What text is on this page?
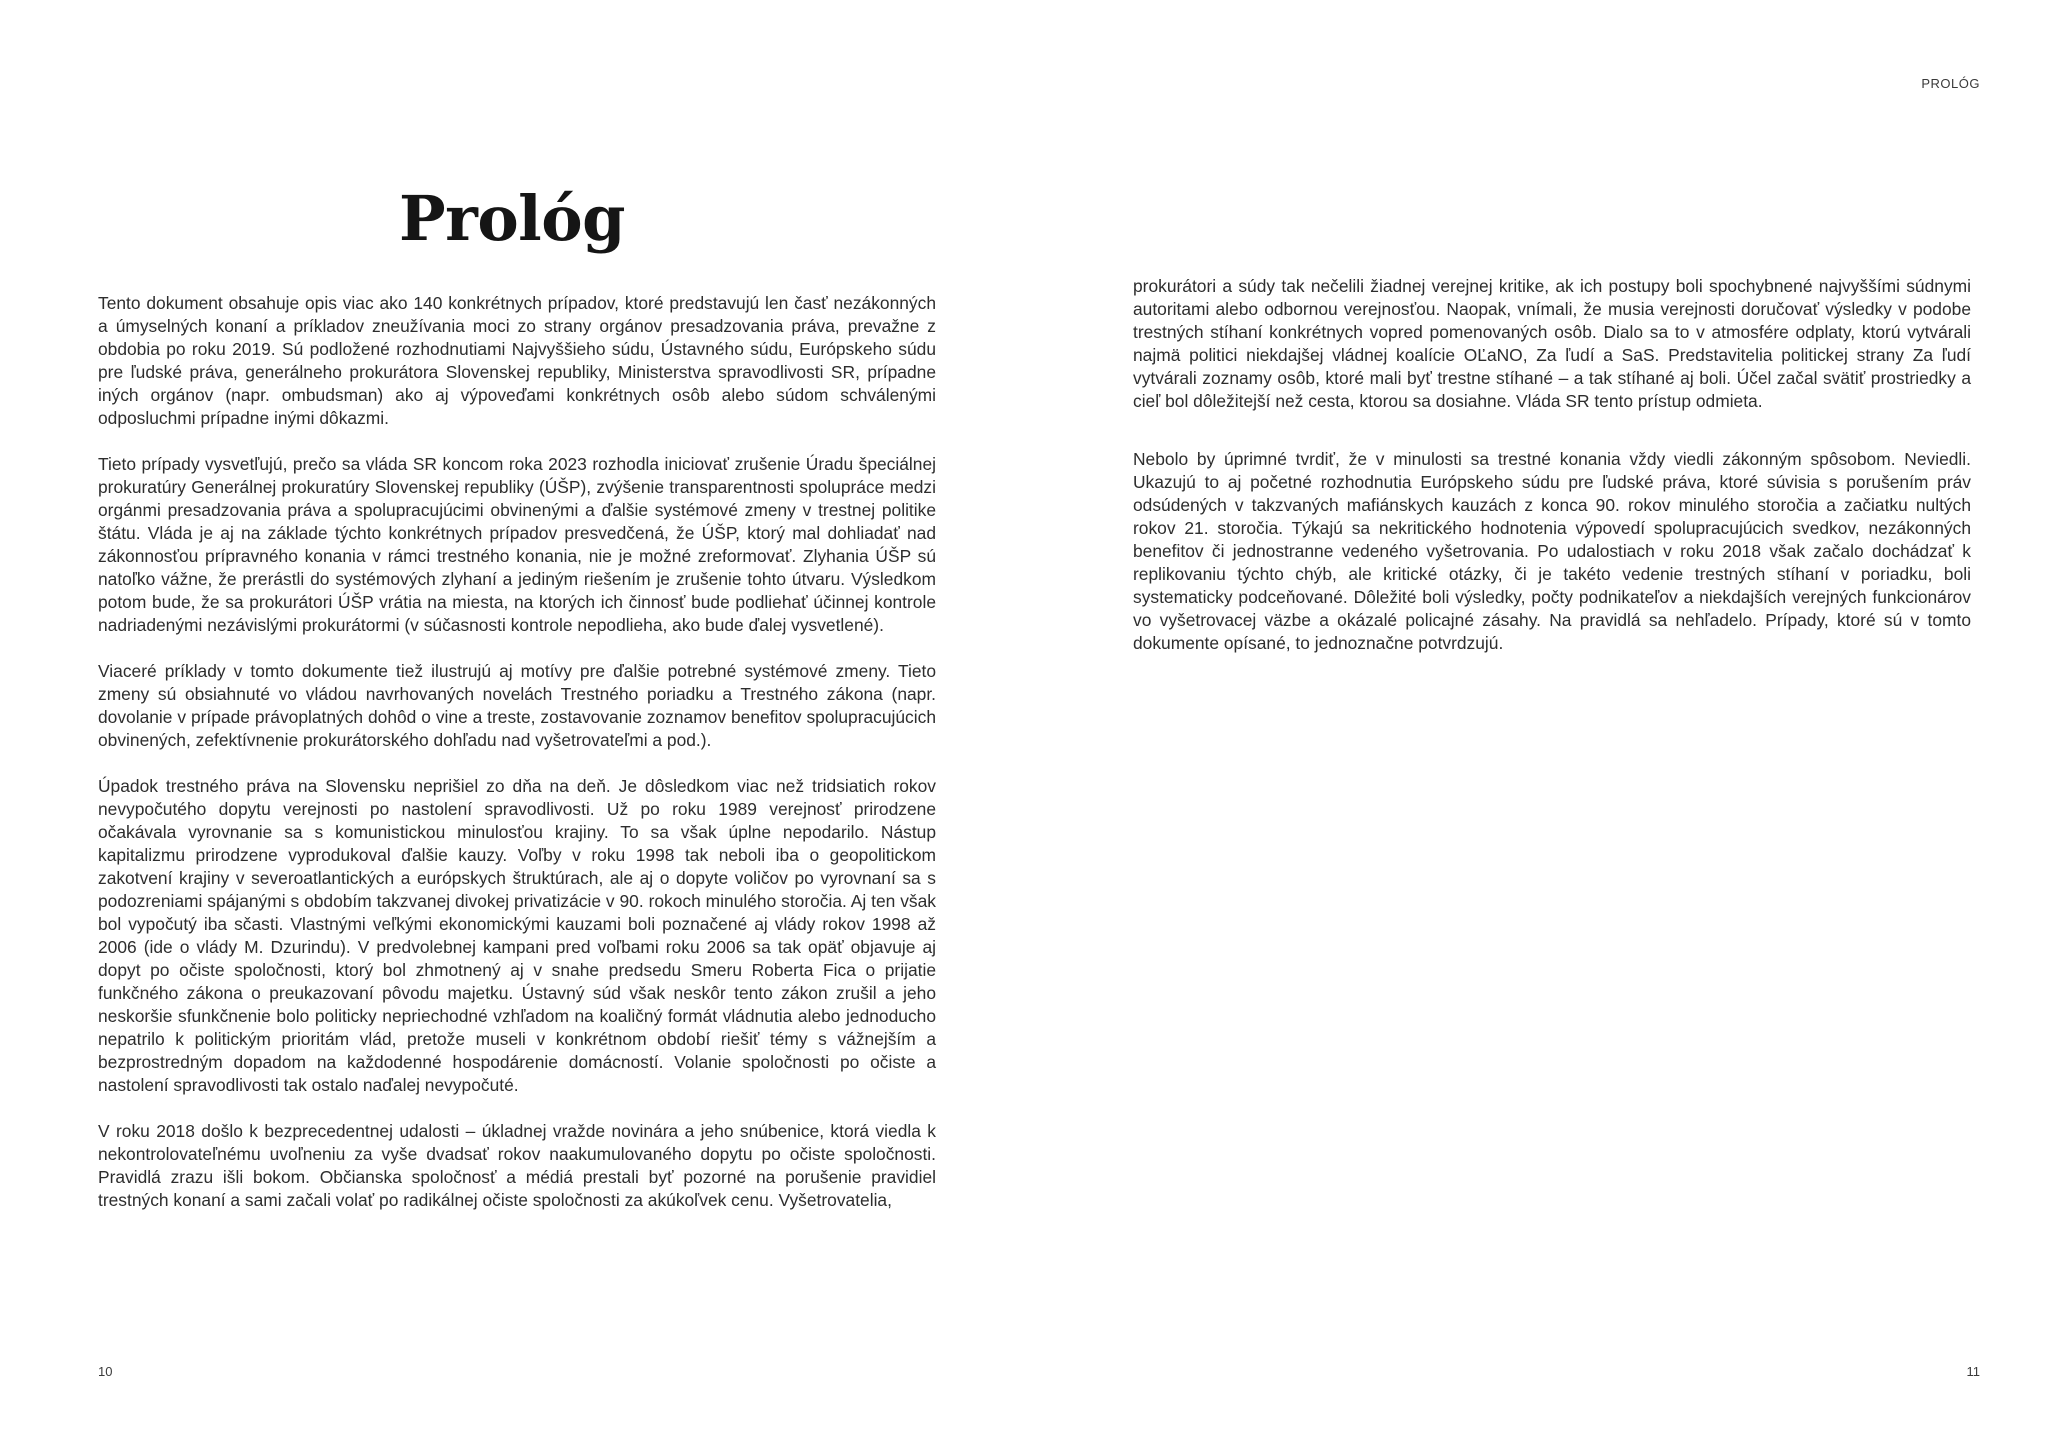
Prológ

Tento dokument obsahuje opis viac ako 140 konkrétnych prípadov, ktoré predstavujú len časť nezákonných a úmyselných konaní a príkladov zneužívania moci zo strany orgánov presadzovania práva, prevažne z obdobia po roku 2019. Sú podložené rozhodnutiami Najvyššieho súdu, Ústavného súdu, Európskeho súdu pre ľudské práva, generálneho prokurátora Slovenskej republiky, Ministerstva spravodlivosti SR, prípadne iných orgánov (napr. ombudsman) ako aj výpoveďami konkrétnych osôb alebo súdom schválenými odposluchmi prípadne inými dôkazmi.

Tieto prípady vysvetľujú, prečo sa vláda SR koncom roka 2023 rozhodla iniciovať zrušenie Úradu špeciálnej prokuratúry Generálnej prokuratúry Slovenskej republiky (ÚŠP), zvýšenie transparentnosti spolupráce medzi orgánmi presadzovania práva a spolupracujúcimi obvinenými a ďalšie systémové zmeny v trestnej politike štátu. Vláda je aj na základe týchto konkrétnych prípadov presvedčená, že ÚŠP, ktorý mal dohliadať nad zákonnosťou prípravného konania v rámci trestného konania, nie je možné zreformovať. Zlyhania ÚŠP sú natoľko vážne, že prerástli do systémových zlyhaní a jediným riešením je zrušenie tohto útvaru. Výsledkom potom bude, že sa prokurátori ÚŠP vrátia na miesta, na ktorých ich činnosť bude podliehať účinnej kontrole nadriadenými nezávislými prokurátormi (v súčasnosti kontrole nepodlieha, ako bude ďalej vysvetlené).

Viaceré príklady v tomto dokumente tiež ilustrujú aj motívy pre ďalšie potrebné systémové zmeny. Tieto zmeny sú obsiahnuté vo vládou navrhovaných novelách Trestného poriadku a Trestného zákona (napr. dovolanie v prípade právoplatných dohôd o vine a treste, zostavovanie zoznamov benefitov spolupracujúcich obvinených, zefektívnenie prokurátorského dohľadu nad vyšetrovateľmi a pod.).

Úpadok trestného práva na Slovensku neprišiel zo dňa na deň. Je dôsledkom viac než tridsiatich rokov nevypočutého dopytu verejnosti po nastolení spravodlivosti. Už po roku 1989 verejnosť prirodzene očakávala vyrovnanie sa s komunistickou minulosťou krajiny. To sa však úplne nepodarilo. Nástup kapitalizmu prirodzene vyprodukoval ďalšie kauzy. Voľby v roku 1998 tak neboli iba o geopolitickom zakotvení krajiny v severoatlantických a európskych štruktúrach, ale aj o dopyte voličov po vyrovnaní sa s podozreniami spájanými s obdobím takzvanej divokej privatizácie v 90. rokoch minulého storočia. Aj ten však bol vypočutý iba sčasti. Vlastnými veľkými ekonomickými kauzami boli poznačené aj vlády rokov 1998 až 2006 (ide o vlády M. Dzurindu). V predvolebnej kampani pred voľbami roku 2006 sa tak opäť objavuje aj dopyt po očiste spoločnosti, ktorý bol zhmotnený aj v snahe predsedu Smeru Roberta Fica o prijatie funkčného zákona o preukazovaní pôvodu majetku. Ústavný súd však neskôr tento zákon zrušil a jeho neskoršie sfunkčnenie bolo politicky nepriechodné vzhľadom na koaličný formát vládnutia alebo jednoducho nepatrilo k politickým prioritám vlád, pretože museli v konkrétnom období riešiť témy s vážnejším a bezprostredným dopadom na každodenné hospodárenie domácností. Volanie spoločnosti po očiste a nastolení spravodlivosti tak ostalo naďalej nevypočuté.

V roku 2018 došlo k bezprecedentnej udalosti – úkladnej vražde novinára a jeho snúbenice, ktorá viedla k nekontrolovateľnému uvoľneniu za vyše dvadsať rokov naakumulovaného dopytu po očiste spoločnosti. Pravidlá zrazu išli bokom. Občianska spoločnosť a médiá prestali byť pozorné na porušenie pravidiel trestných konaní a sami začali volať po radikálnej očiste spoločnosti za akúkoľvek cenu. Vyšetrovatelia,

10
PROLÓG

prokurátori a súdy tak nečelili žiadnej verejnej kritike, ak ich postupy boli spochybnené najvyššími súdnymi autoritami alebo odbornou verejnosťou. Naopak, vnímali, že musia verejnosti doručovať výsledky v podobe trestných stíhaní konkrétnych vopred pomenovaných osôb. Dialo sa to v atmosfére odplaty, ktorú vytvárali najmä politici niekdajšej vládnej koalície OĽaNO, Za ľudí a SaS. Predstavitelia politickej strany Za ľudí vytvárali zoznamy osôb, ktoré mali byť trestne stíhané – a tak stíhané aj boli. Účel začal svätiť prostriedky a cieľ bol dôležitejší než cesta, ktorou sa dosiahne. Vláda SR tento prístup odmieta.

Nebolo by úprimné tvrdiť, že v minulosti sa trestné konania vždy viedli zákonným spôsobom. Neviedli. Ukazujú to aj početné rozhodnutia Európskeho súdu pre ľudské práva, ktoré súvisia s porušením práv odsúdených v takzvaných mafiánskych kauzách z konca 90. rokov minulého storočia a začiatku nultých rokov 21. storočia. Týkajú sa nekritického hodnotenia výpovedí spolupracujúcich svedkov, nezákonných benefitov či jednostranne vedeného vyšetrovania. Po udalostiach v roku 2018 však začalo dochádzať k replikovaniu týchto chýb, ale kritické otázky, či je takéto vedenie trestných stíhaní v poriadku, boli systematicky podceňované. Dôležité boli výsledky, počty podnikateľov a niekdajších verejných funkcionárov vo vyšetrovacej väzbe a okázalé policajné zásahy. Na pravidlá sa nehľadelo. Prípady, ktoré sú v tomto dokumente opísané, to jednoznačne potvrdzujú.

11
